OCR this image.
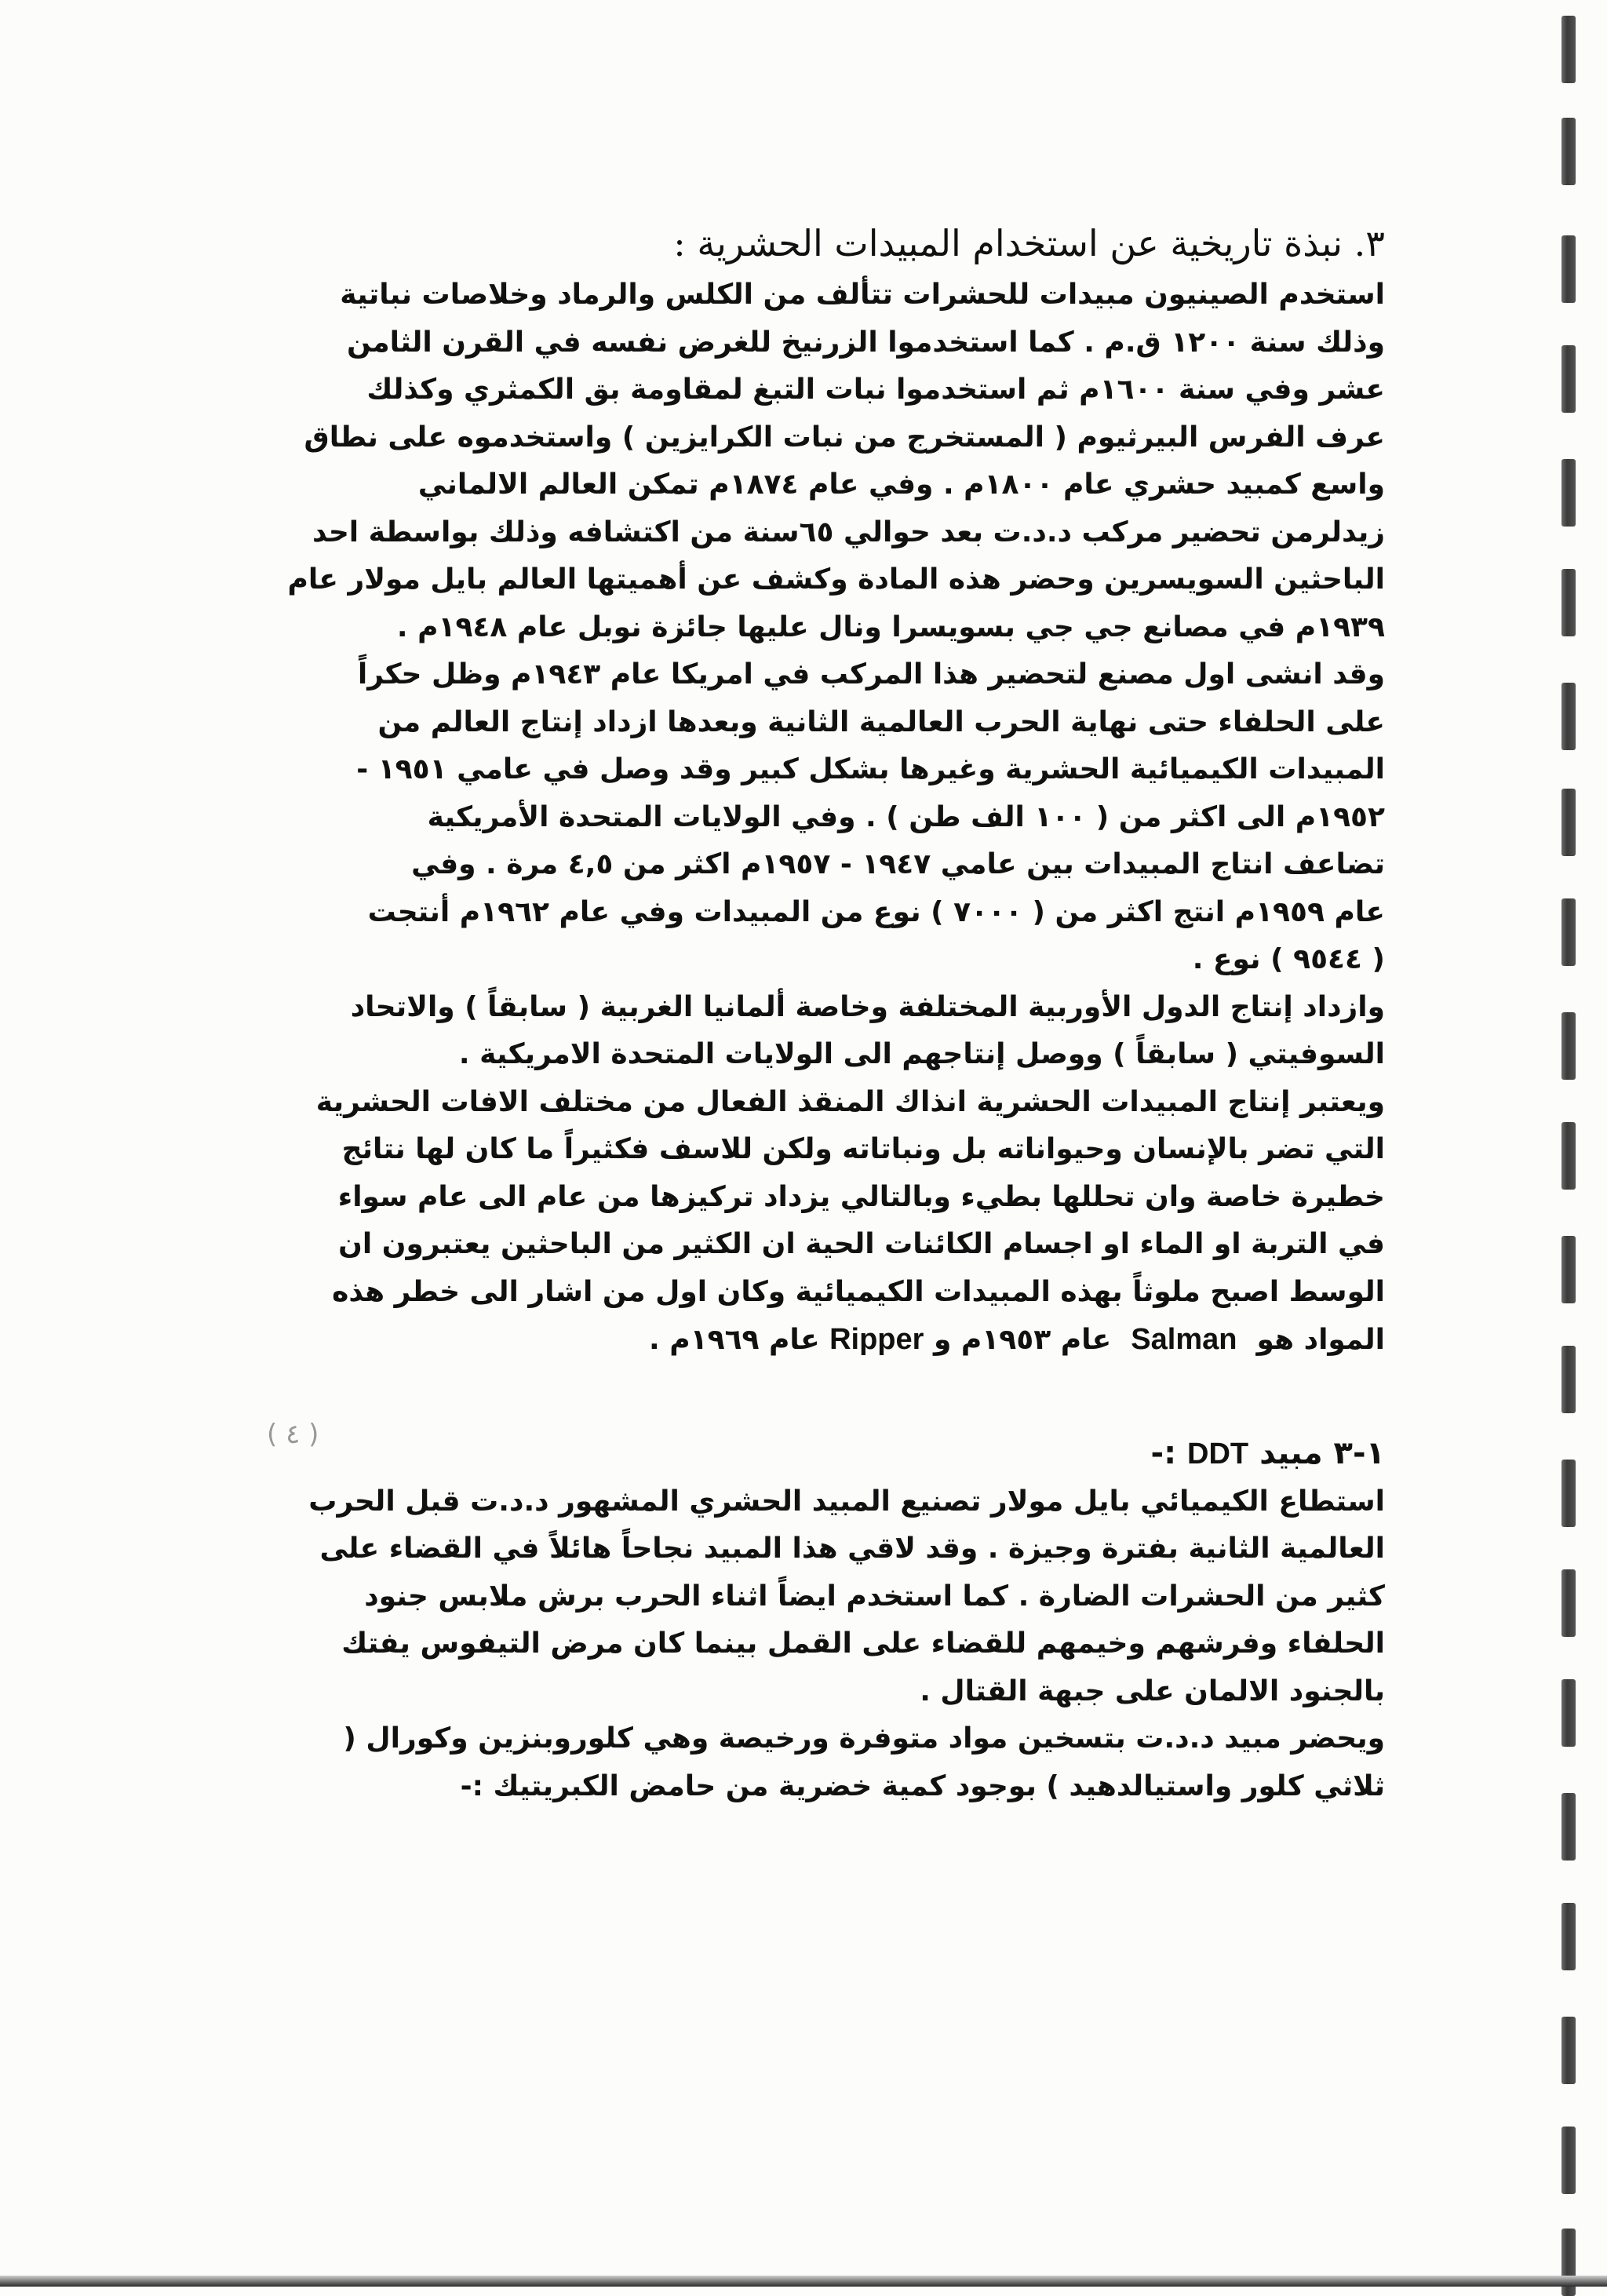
٣. نبذة تاريخية عن استخدام المبيدات الحشرية :

استخدم الصينيون مبيدات للحشرات تتألف من الكلس والرماد وخلاصات نباتية
وذلك سنة ١٢٠٠ ق.م . كما استخدموا الزرنيخ للغرض نفسه في القرن الثامن
عشر وفي سنة ١٦٠٠م ثم استخدموا نبات التبغ لمقاومة بق الكمثري وكذلك
عرف الفرس البيرثيوم ( المستخرج من نبات الكرايزين ) واستخدموه على نطاق
واسع كمبيد حشري عام ١٨٠٠م . وفي عام ١٨٧٤م تمكن العالم الالماني
زيدلرمن تحضير مركب د.د.ت بعد حوالي ٦٥سنة من اكتشافه وذلك بواسطة احد
الباحثين السويسرين وحضر هذه المادة وكشف عن أهميتها العالم بايل مولار عام
١٩٣٩م في مصانع جي جي بسويسرا ونال عليها جائزة نوبل عام ١٩٤٨م .

وقد انشى اول مصنع لتحضير هذا المركب في امريكا عام ١٩٤٣م وظل حكراً
على الحلفاء حتى نهاية الحرب العالمية الثانية وبعدها ازداد إنتاج العالم من
المبيدات الكيميائية الحشرية وغيرها بشكل كبير وقد وصل في عامي ١٩٥١ -
١٩٥٢م الى اكثر من ( ١٠٠ الف طن ) . وفي الولايات المتحدة الأمريكية
تضاعف انتاج المبيدات بين عامي ١٩٤٧ - ١٩٥٧م اكثر من ٤,٥ مرة . وفي
عام ١٩٥٩م انتج اكثر من ( ٧٠٠٠ ) نوع من المبيدات وفي عام ١٩٦٢م أنتجت
( ٩٥٤٤ ) نوع .

وازداد إنتاج الدول الأوربية المختلفة وخاصة ألمانيا الغربية ( سابقاً ) والاتحاد
السوفيتي ( سابقاً ) ووصل إنتاجهم الى الولايات المتحدة الامريكية .

ويعتبر إنتاج المبيدات الحشرية انذاك المنقذ الفعال من مختلف الافات الحشرية
التي تضر بالإنسان وحيواناته بل ونباتاته ولكن للاسف فكثيراً ما كان لها نتائج
خطيرة خاصة وان تحللها بطيء وبالتالي يزداد تركيزها من عام الى عام سواء
في التربة او الماء او اجسام الكائنات الحية ان الكثير من الباحثين يعتبرون ان
الوسط اصبح ملوثاً بهذه المبيدات الكيميائية وكان اول من اشار الى خطر هذه
المواد هو  Salman  عام ١٩٥٣م و Ripper عام ١٩٦٩م .

١-٣ مبيد DDT :-

استطاع الكيميائي بايل مولار تصنيع المبيد الحشري المشهور د.د.ت قبل الحرب
العالمية الثانية بفترة وجيزة . وقد لاقي هذا المبيد نجاحاً هائلاً في القضاء على
كثير من الحشرات الضارة . كما استخدم ايضاً اثناء الحرب برش ملابس جنود
الحلفاء وفرشهم وخيمهم للقضاء على القمل بينما كان مرض التيفوس يفتك
بالجنود الالمان على جبهة القتال .

ويحضر مبيد د.د.ت بتسخين مواد متوفرة ورخيصة وهي كلوروبنزين وكورال (
ثلاثي كلور واستيالدهيد ) بوجود كمية خضرية من حامض الكبريتيك :-

( ٤ )
